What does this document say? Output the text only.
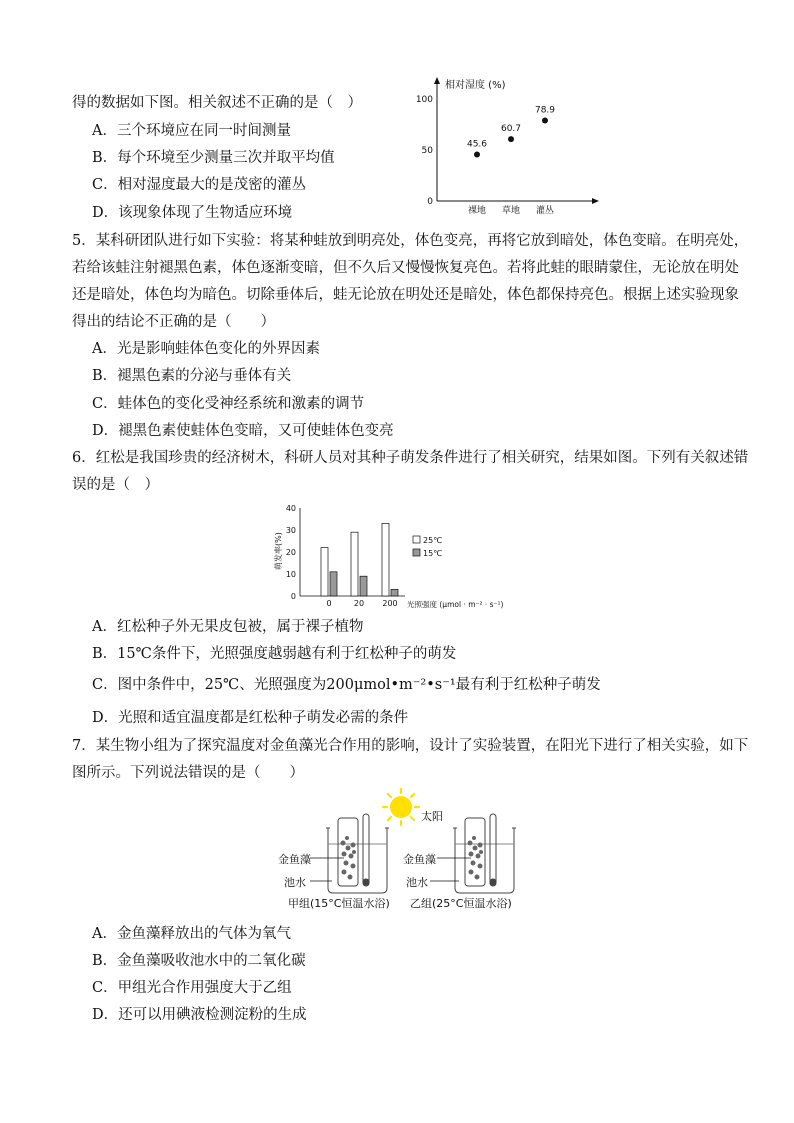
得的数据如下图。相关叙述不正确的是（　）
A．三个环境应在同一时间测量
B．每个环境至少测量三次并取平均值
C．相对湿度最大的是茂密的灌丛
D．该现象体现了生物适应环境
相对湿度 (%)
0
50
100
裸地
45.6
草地
60.7
灌丛
78.9
5．某科研团队进行如下实验：将某种蛙放到明亮处，体色变亮，再将它放到暗处，体色变暗。在明亮处，
若给该蛙注射褪黑色素，体色逐渐变暗，但不久后又慢慢恢复亮色。若将此蛙的眼睛蒙住，无论放在明处
还是暗处，体色均为暗色。切除垂体后，蛙无论放在明处还是暗处，体色都保持亮色。根据上述实验现象
得出的结论不正确的是（　　）
A．光是影响蛙体色变化的外界因素
B．褪黑色素的分泌与垂体有关
C．蛙体色的变化受神经系统和激素的调节
D．褪黑色素使蛙体色变暗，又可使蛙体色变亮
6．红松是我国珍贵的经济树木，科研人员对其种子萌发条件进行了相关研究，结果如图。下列有关叙述错
误的是（　）
萌发率(%)
0
10
20
30
40
0	20 200
25℃
15℃
光照强度 (μmol · m⁻² · s⁻¹)
A．红松种子外无果皮包被，属于裸子植物
B．15℃条件下，光照强度越弱越有利于红松种子的萌发
C．图中条件中，25℃、光照强度为200μmol•m⁻²•s⁻¹最有利于红松种子萌发
D．光照和适宜温度都是红松种子萌发必需的条件
7．某生物小组为了探究温度对金鱼藻光合作用的影响，设计了实验装置，在阳光下进行了相关实验，如下
图所示。下列说法错误的是（　　）
太阳
金鱼藻
池水
金鱼藻
池水
甲组(15°C恒温水浴) 乙组(25°C恒温水浴)
A．金鱼藻释放出的气体为氧气
B．金鱼藻吸收池水中的二氧化碳
C．甲组光合作用强度大于乙组
D．还可以用碘液检测淀粉的生成
